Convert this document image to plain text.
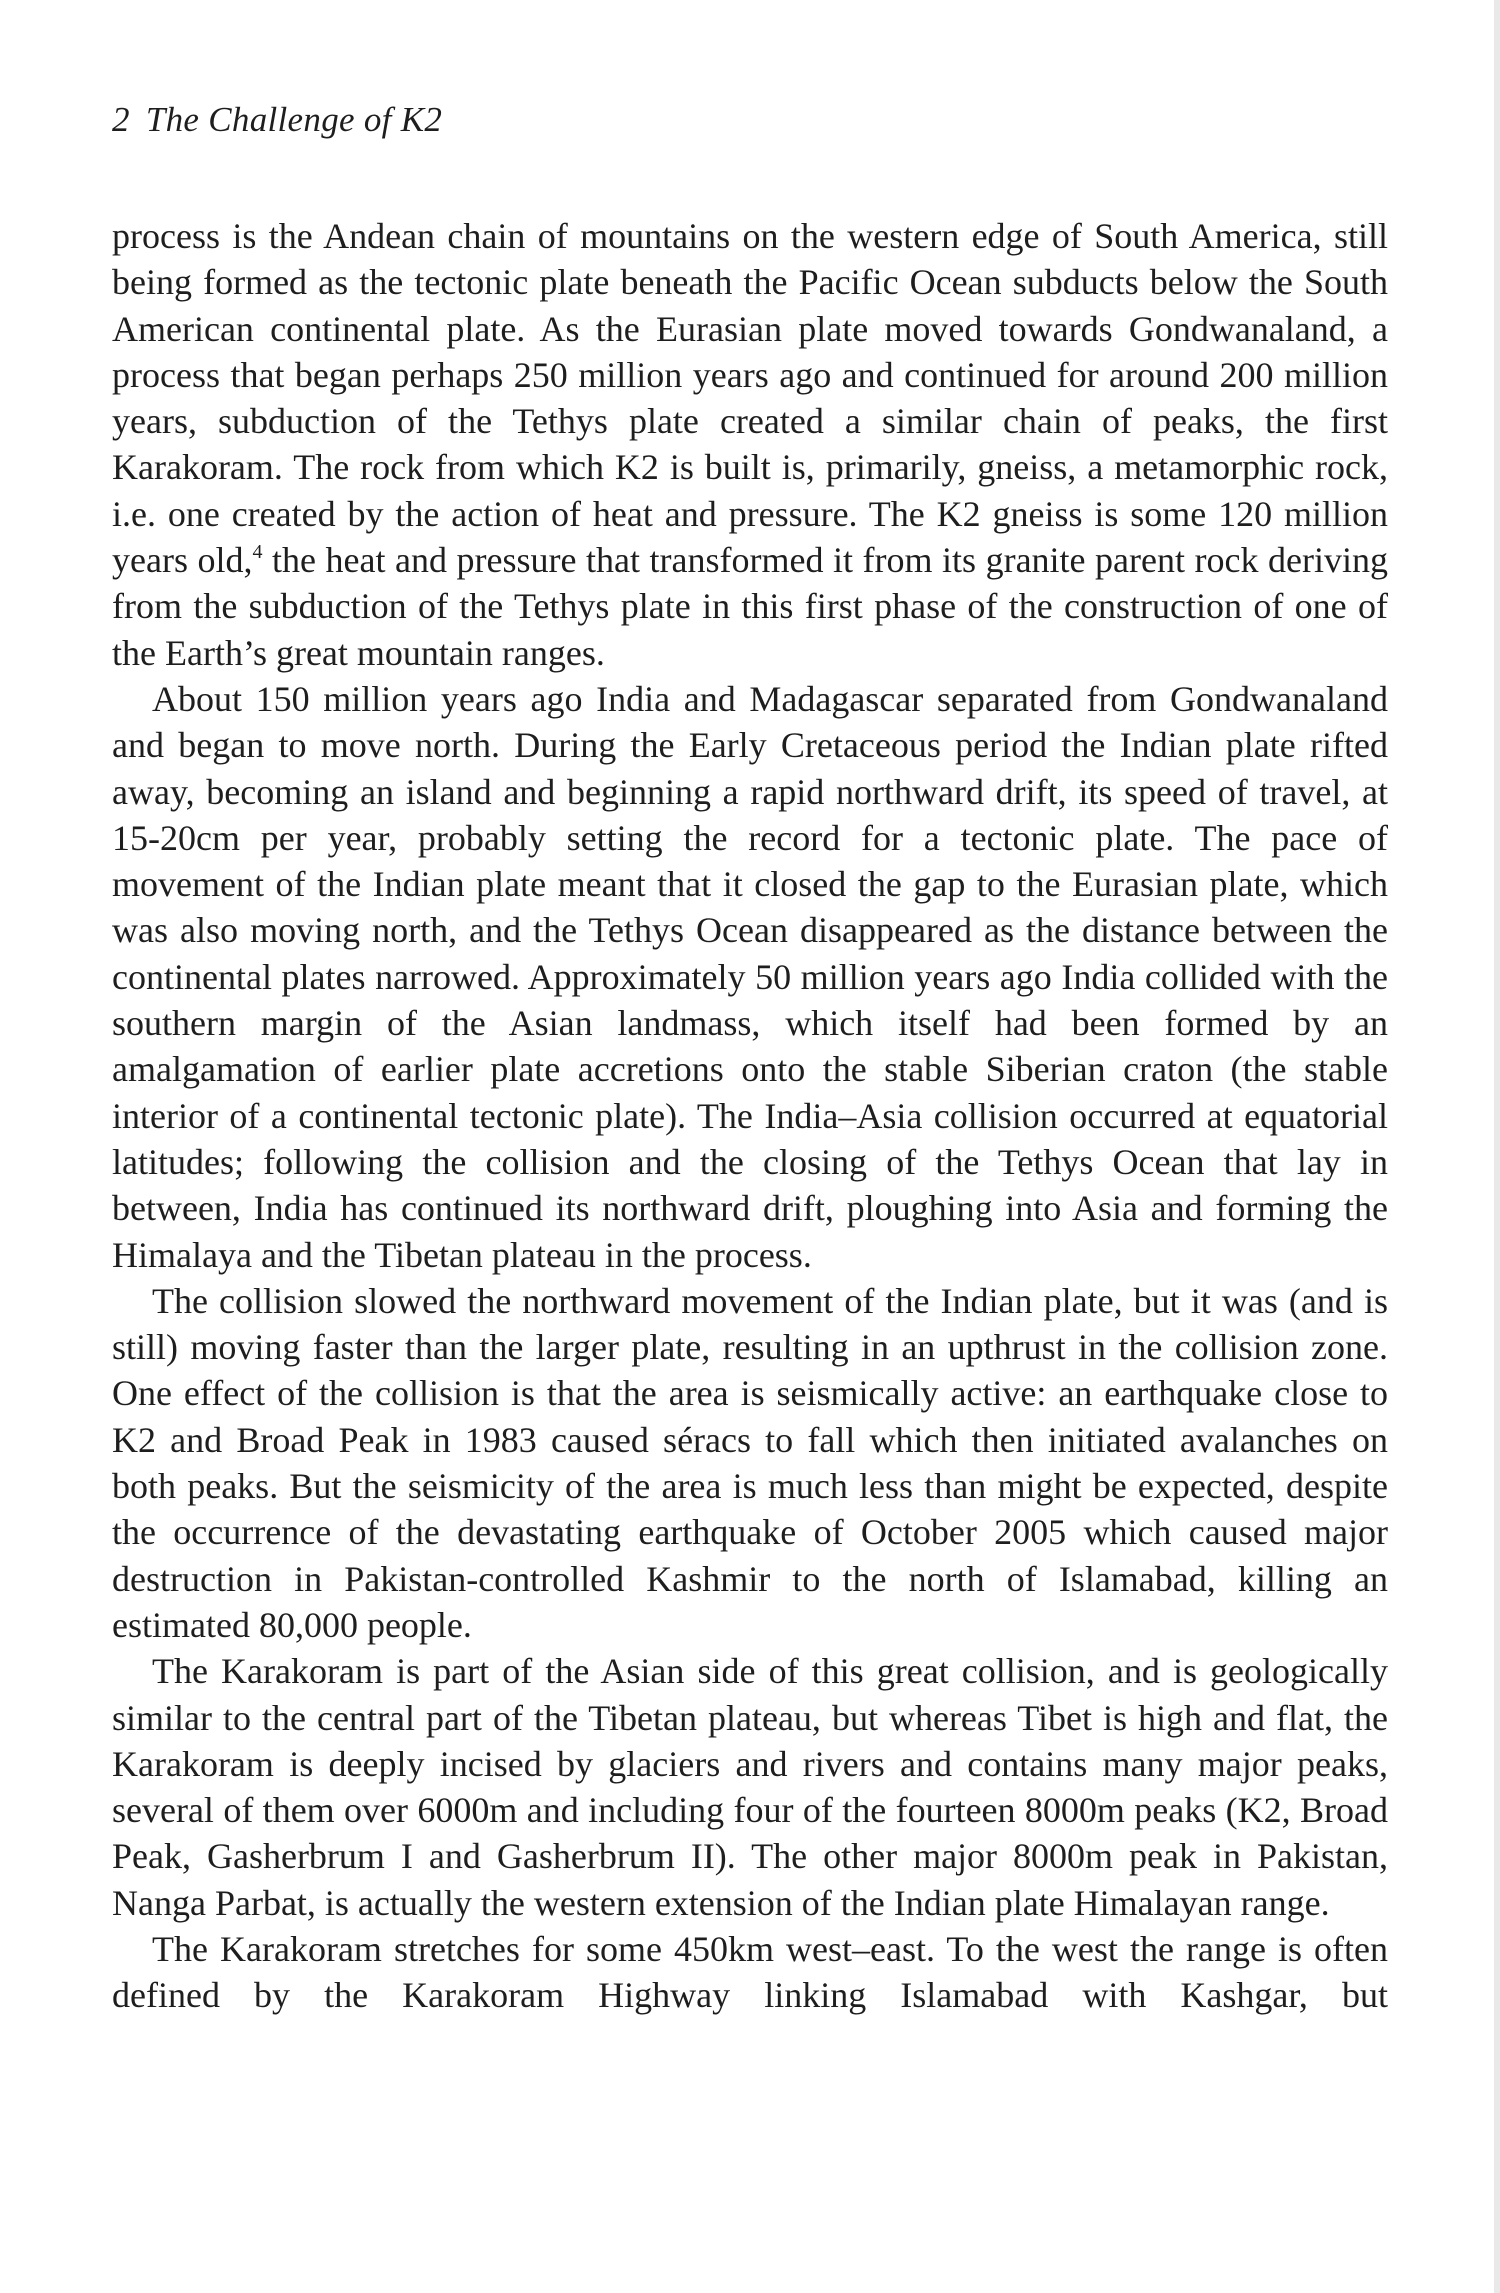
2 The Challenge of K2

process is the Andean chain of mountains on the western edge of South America, still being formed as the tectonic plate beneath the Pacific Ocean subducts below the South American continental plate. As the Eurasian plate moved towards Gondwanaland, a process that began perhaps 250 million years ago and continued for around 200 million years, subduction of the Tethys plate created a similar chain of peaks, the first Karakoram. The rock from which K2 is built is, primarily, gneiss, a metamorphic rock, i.e. one created by the action of heat and pressure. The K2 gneiss is some 120 million years old,$^4$ the heat and pressure that transformed it from its granite parent rock deriving from the subduction of the Tethys plate in this first phase of the construction of one of the Earth’s great mountain ranges.

About 150 million years ago India and Madagascar separated from Gondwanaland and began to move north. During the Early Cretaceous period the Indian plate rifted away, becoming an island and beginning a rapid northward drift, its speed of travel, at 15-20cm per year, probably setting the record for a tectonic plate. The pace of movement of the Indian plate meant that it closed the gap to the Eurasian plate, which was also moving north, and the Tethys Ocean disappeared as the distance between the continental plates narrowed. Approximately 50 million years ago India collided with the southern margin of the Asian landmass, which itself had been formed by an amalgamation of earlier plate accretions onto the stable Siberian craton (the stable interior of a continental tectonic plate). The India–Asia collision occurred at equatorial latitudes; following the collision and the closing of the Tethys Ocean that lay in between, India has continued its northward drift, ploughing into Asia and forming the Himalaya and the Tibetan plateau in the process.

The collision slowed the northward movement of the Indian plate, but it was (and is still) moving faster than the larger plate, resulting in an upthrust in the collision zone. One effect of the collision is that the area is seismically active: an earthquake close to K2 and Broad Peak in 1983 caused séracs to fall which then initiated avalanches on both peaks. But the seismicity of the area is much less than might be expected, despite the occurrence of the devastating earthquake of October 2005 which caused major destruction in Pakistan-controlled Kashmir to the north of Islamabad, killing an estimated 80,000 people.

The Karakoram is part of the Asian side of this great collision, and is geologically similar to the central part of the Tibetan plateau, but whereas Tibet is high and flat, the Karakoram is deeply incised by glaciers and rivers and contains many major peaks, several of them over 6000m and including four of the fourteen 8000m peaks (K2, Broad Peak, Gasherbrum I and Gasherbrum II). The other major 8000m peak in Pakistan, Nanga Parbat, is actually the western extension of the Indian plate Himalayan range.

The Karakoram stretches for some 450km west–east. To the west the range is often defined by the Karakoram Highway linking Islamabad with Kashgar, but
